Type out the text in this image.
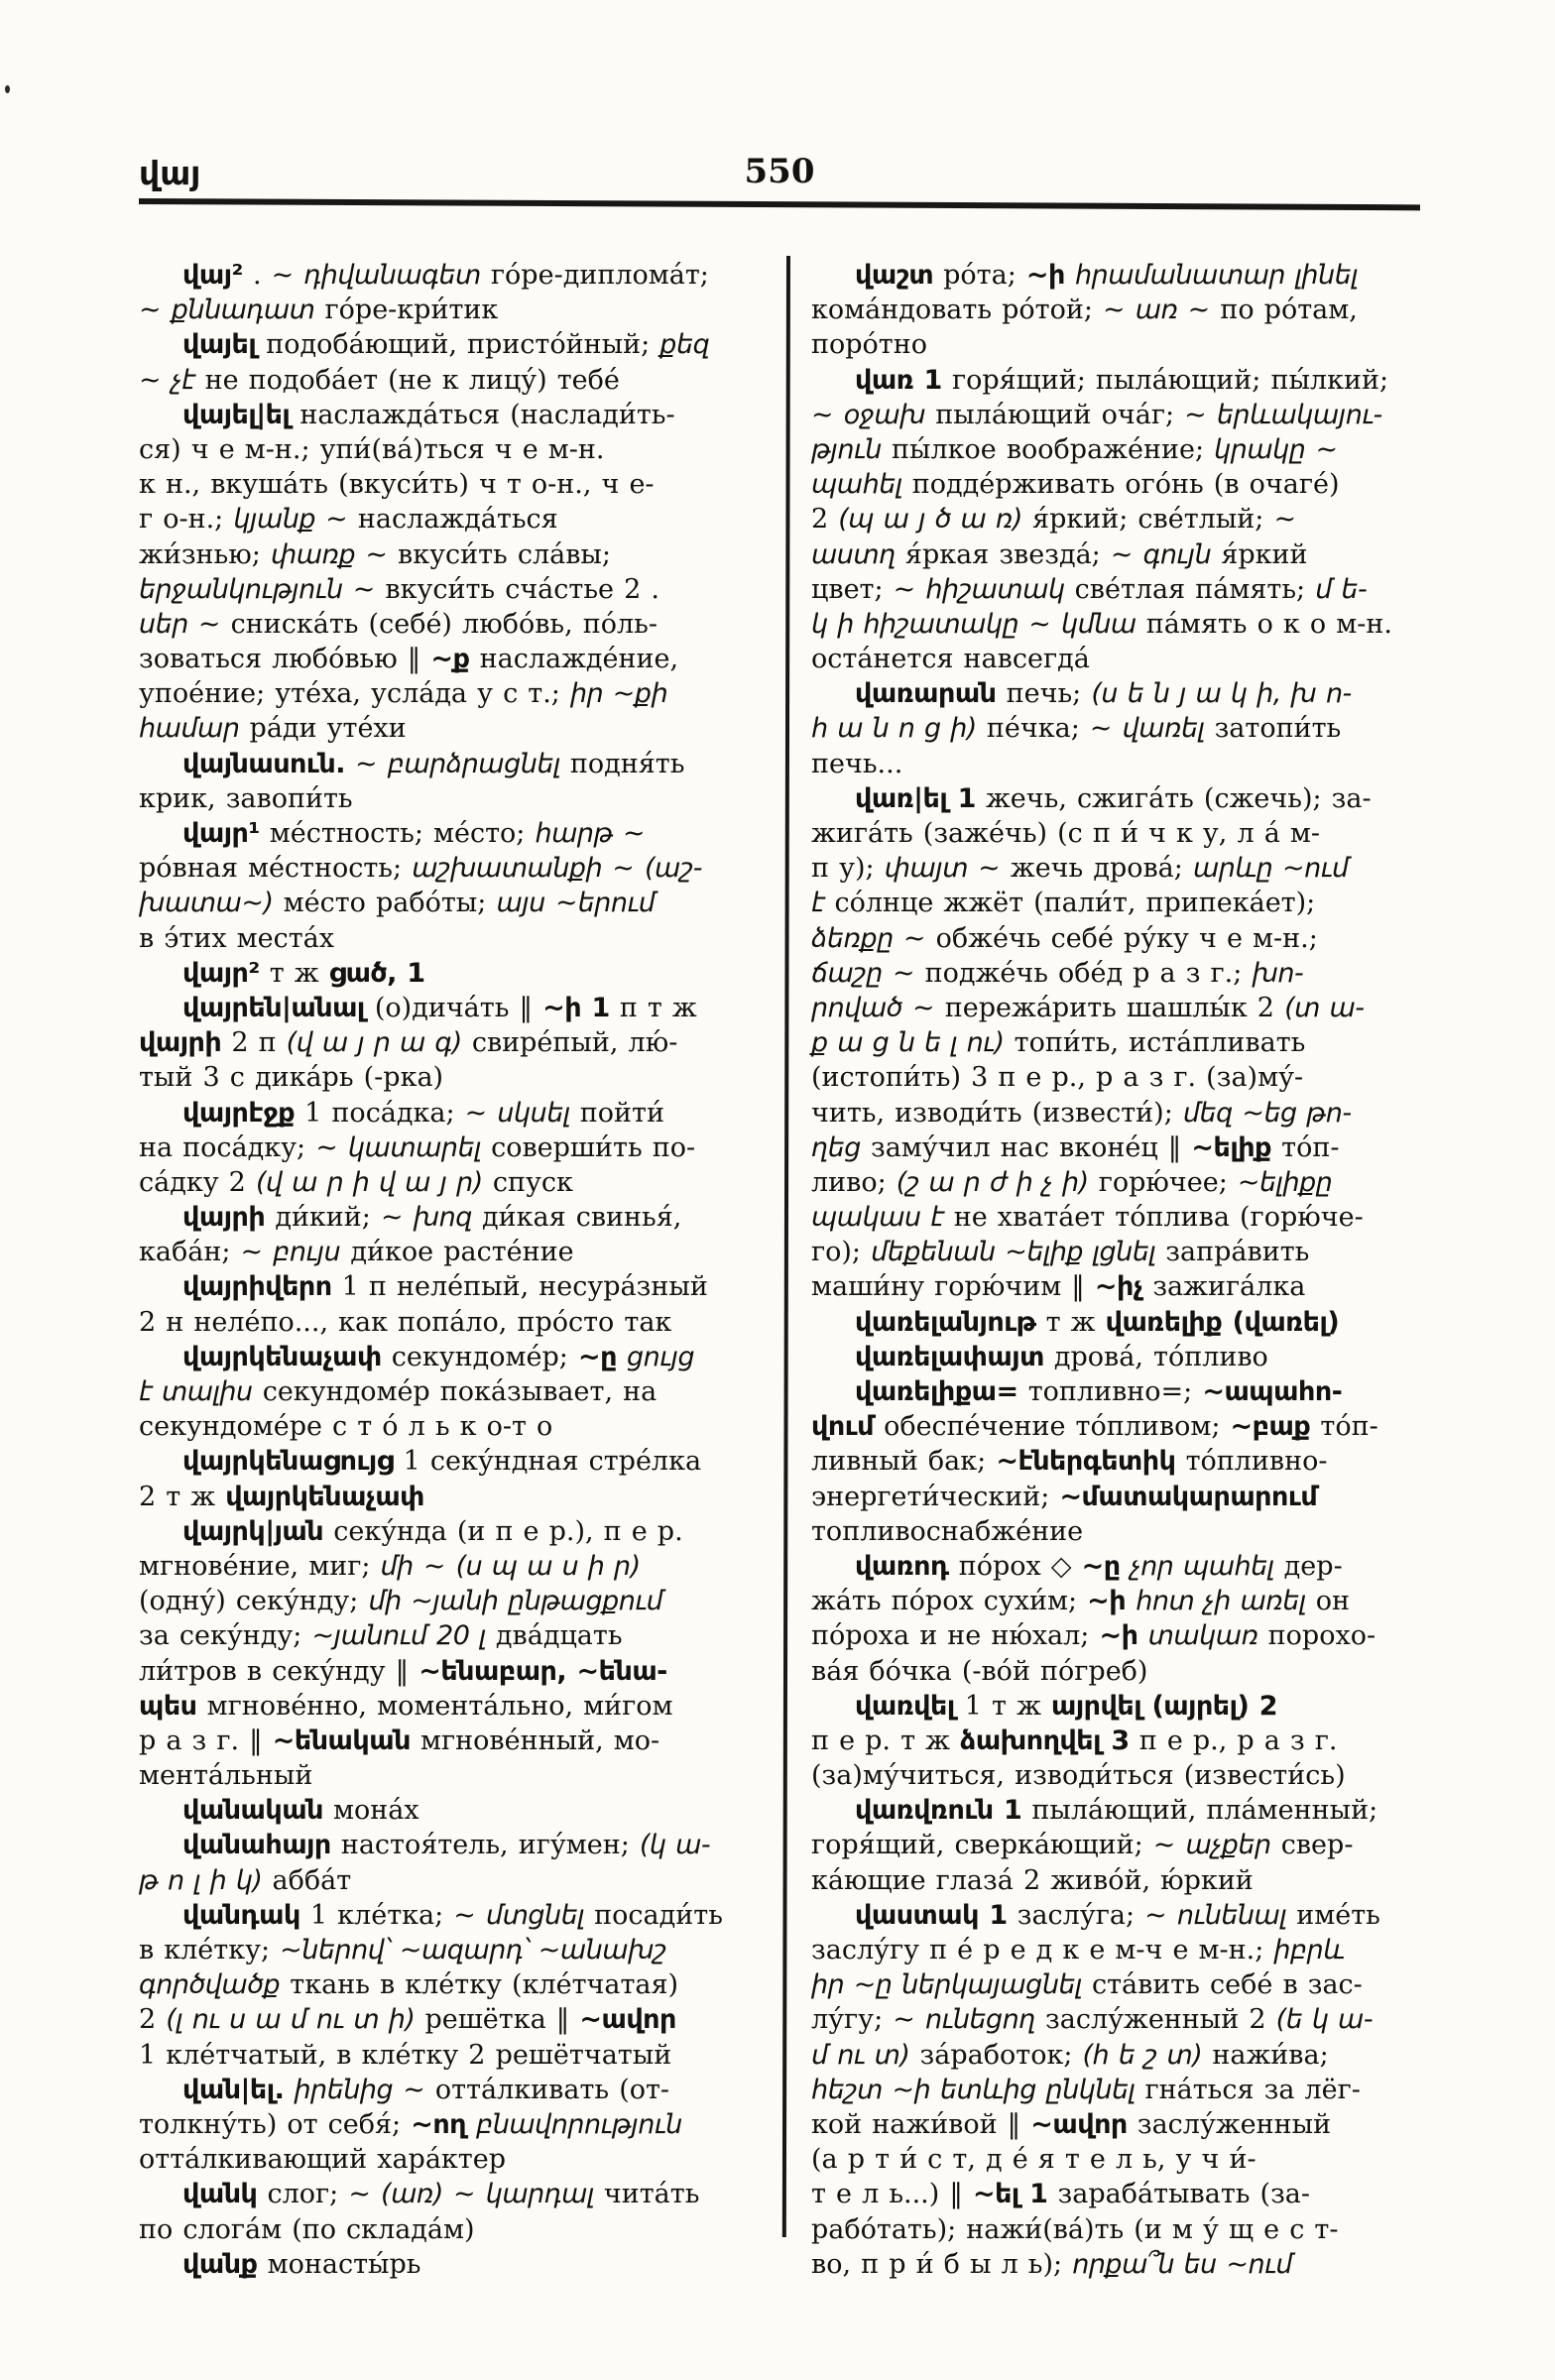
վայ	550
վայ² . ~ դիվանագետ го́ре-диплома́т;
~ քննադատ го́ре-кри́тик
վայել подоба́ющий, присто́йный; քեզ
~ չէ не подоба́ет (не к лицу́) тебе́
վայել|ել наслажда́ться (наслади́ть-
ся) ч е м-н.; упи́(ва́)ться ч е м-н.
к н., вкуша́ть (вкуси́ть) ч т о-н., ч е-
г о-н.; կյանք ~ наслажда́ться
жи́знью; փառք ~ вкуси́ть сла́вы;
երջանկություն ~ вкуси́ть сча́стье 2 .
սեր ~ сниска́ть (себе́) любо́вь, по́ль-
зоваться любо́вью ‖ ~ք наслажде́ние,
упое́ние; уте́ха, усла́да у с т.; իր ~քի
համար ра́ди уте́хи
վայնասուն. ~ բարձրացնել подня́ть
крик, завопи́ть
վայր¹ ме́стность; ме́сто; հարթ ~
ро́вная ме́стность; աշխատանքի ~ (աշ-
խատա~) ме́сто рабо́ты; այս ~երում
в э́тих места́х
վայր² т ж ցած, 1
վայրեն|անալ (о)дича́ть ‖ ~ի 1 п т ж
վայրի 2 п (վ ա յ ր ա գ) свире́пый, лю́-
тый 3 с дика́рь (-рка)
վայրէջք 1 поса́дка; ~ սկսել пойти́
на поса́дку; ~ կատարել соверши́ть по-
са́дку 2 (վ ա ր ի վ ա յ ր) спуск
վայրի ди́кий; ~ խոզ ди́кая свинья́,
каба́н; ~ բույս ди́кое расте́ние
վայրիվերո 1 п неле́пый, несура́зный
2 н неле́по..., как попа́ло, про́сто так
վայրկենաչափ секундоме́р; ~ը ցույց
է տալիս секундоме́р пока́зывает, на
секундоме́ре с т о́ л ь к о-т о
վայրկենացույց 1 секу́ндная стре́лка
2 т ж վայրկենաչափ
վայրկ|յան секу́нда (и п е р.), п е р.
мгнове́ние, миг; մի ~ (ս պ ա ս ի ր)
(одну́) секу́нду; մի ~յանի ընթացքում
за секу́нду; ~յանում 20 լ два́дцать
ли́тров в секу́нду ‖ ~ենաբար, ~ենա-
պես мгнове́нно, момента́льно, ми́гом
р а з г. ‖ ~ենական мгнове́нный, мо-
мента́льный
վանական мона́х
վանահայր настоя́тель, игу́мен; (կ ա-
թ ո լ ի կ) абба́т
վանդակ 1 кле́тка; ~ մտցնել посади́ть
в кле́тку; ~ներով՝ ~ազարդ՝ ~անախշ
գործվածք ткань в кле́тку (кле́тчатая)
2 (լ ու ս ա մ ու տ ի) решётка ‖ ~ավոր
1 кле́тчатый, в кле́тку 2 решётчатый
վան|ել. իրենից ~ отта́лкивать (от-
толкну́ть) от себя́; ~ող բնավորություն
отта́лкивающий хара́ктер
վանկ слог; ~ (առ) ~ կարդալ чита́ть
по слога́м (по склада́м)
վանք монасты́рь
վաշտ ро́та; ~ի հրամանատար լինել
кома́ндовать ро́той; ~ առ ~ по ро́там,
поро́тно
վառ 1 горя́щий; пыла́ющий; пы́лкий;
~ օջախ пыла́ющий оча́г; ~ երևակայու-
թյուն пы́лкое воображе́ние; կրակը ~
պահել подде́рживать ого́нь (в очаге́)
2 (պ ա յ ծ ա ռ) я́ркий; све́тлый; ~
աստղ я́ркая звезда́; ~ գույն я́ркий
цвет; ~ հիշատակ све́тлая па́мять; մ ե-
կ ի հիշատակը ~ կմնա па́мять о к о м-н.
оста́нется навсегда́
վառարան печь; (ս ե ն յ ա կ ի, խ ո-
հ ա ն ո ց ի) пе́чка; ~ վառել затопи́ть
печь...
վառ|ել 1 жечь, сжига́ть (сжечь); за-
жига́ть (заже́чь) (с п и́ ч к у, л а́ м-
п у); փայտ ~ жечь дрова́; արևը ~ում
է со́лнце жжёт (пали́т, припека́ет);
ձեռքը ~ обже́чь себе́ ру́ку ч е м-н.;
ճաշը ~ подже́чь обе́д р а з г.; խո-
րոված ~ пережа́рить шашлы́к 2 (տ ա-
ք ա ց ն ե լ ու) топи́ть, иста́пливать
(истопи́ть) 3 п е р., р а з г. (за)му́-
чить, изводи́ть (извести́); մեզ ~եց թո-
ղեց заму́чил нас вконе́ц ‖ ~ելիք то́п-
ливо; (շ ա ր ժ ի չ ի) горю́чее; ~ելիքը
պակաս է не хвата́ет то́плива (горю́че-
го); մեքենան ~ելիք լցնել запра́вить
маши́ну горю́чим ‖ ~իչ зажига́лка
վառելանյութ т ж վառելիք (վառել)
վառելափայտ дрова́, то́пливо
վառելիքա= топливно=; ~ապահո-
վում обеспе́чение то́пливом; ~բաք то́п-
ливный бак; ~էներգետիկ то́пливно-
энергети́ческий; ~մատակարարում
топливоснабже́ние
վառոդ по́рох ◇ ~ը չոր պահել дер-
жа́ть по́рох сухи́м; ~ի հոտ չի առել он
по́роха и не ню́хал; ~ի տակառ порохо-
ва́я бо́чка (-во́й по́греб)
վառվել 1 т ж այրվել (այրել) 2
п е р. т ж ձախողվել 3 п е р., р а з г.
(за)му́читься, изводи́ться (извести́сь)
վառվռուն 1 пыла́ющий, пла́менный;
горя́щий, сверка́ющий; ~ աչքեր свер-
ка́ющие глаза́ 2 живо́й, ю́ркий
վաստակ 1 заслу́га; ~ ունենալ име́ть
заслу́гу п е́ р е д к е м-ч е м-н.; իբրև
իր ~ը ներկայացնել ста́вить себе́ в зас-
лу́гу; ~ ունեցող заслу́женный 2 (ե կ ա-
մ ու տ) за́работок; (հ ե շ տ) нажи́ва;
հեշտ ~ի ետևից ընկնել гна́ться за лёг-
кой нажи́вой ‖ ~ավոր заслу́женный
(а р т и́ с т, д е́ я т е л ь, у ч и́-
т е л ь...) ‖ ~ել 1 зараба́тывать (за-
рабо́тать); нажи́(ва́)ть (и м у́ щ е с т-
во, п р и́ б ы л ь); որքա՞ն ես ~ում
